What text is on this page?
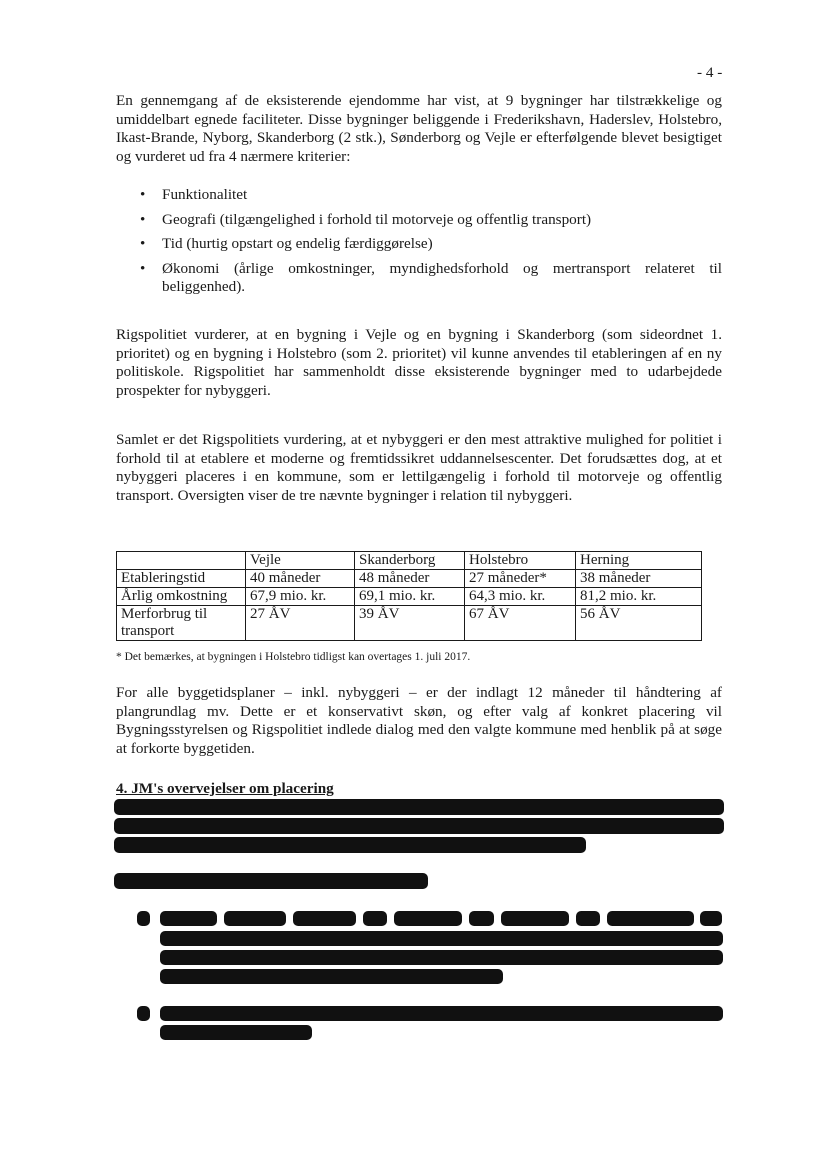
- 4 -

En gennemgang af de eksisterende ejendomme har vist, at 9 bygninger har tilstrækkelige og umiddelbart egnede faciliteter. Disse bygninger beliggende i Frederikshavn, Haderslev, Holstebro, Ikast-Brande, Nyborg, Skanderborg (2 stk.), Sønderborg og Vejle er efterfølgende blevet besigtiget og vurderet ud fra 4 nærmere kriterier:

• Funktionalitet
• Geografi (tilgængelighed i forhold til motorveje og offentlig transport)
• Tid (hurtig opstart og endelig færdiggørelse)
• Økonomi (årlige omkostninger, myndighedsforhold og mertransport relateret til beliggenhed).

Rigspolitiet vurderer, at en bygning i Vejle og en bygning i Skanderborg (som sideordnet 1. prioritet) og en bygning i Holstebro (som 2. prioritet) vil kunne anvendes til etableringen af en ny politiskole. Rigspolitiet har sammenholdt disse eksisterende bygninger med to udarbejdede prospekter for nybyggeri.

Samlet er det Rigspolitiets vurdering, at et nybyggeri er den mest attraktive mulighed for politiet i forhold til at etablere et moderne og fremtidssikret uddannelsescenter. Det forudsættes dog, at et nybyggeri placeres i en kommune, som er lettilgængelig i forhold til motorveje og offentlig transport. Oversigten viser de tre nævnte bygninger i relation til nybyggeri.

	Vejle	Skanderborg	Holstebro	Herning
Etableringstid	40 måneder	48 måneder	27 måneder*	38 måneder
Årlig omkostning	67,9 mio. kr.	69,1 mio. kr.	64,3 mio. kr.	81,2 mio. kr.
Merforbrug til transport	27 ÅV	39 ÅV	67 ÅV	56 ÅV
* Det bemærkes, at bygningen i Holstebro tidligst kan overtages 1. juli 2017.

For alle byggetidsplaner – inkl. nybyggeri – er der indlagt 12 måneder til håndtering af plangrundlag mv. Dette er et konservativt skøn, og efter valg af konkret placering vil Bygningsstyrelsen og Rigspolitiet indlede dialog med den valgte kommune med henblik på at søge at forkorte byggetiden.

4. JM's overvejelser om placering
